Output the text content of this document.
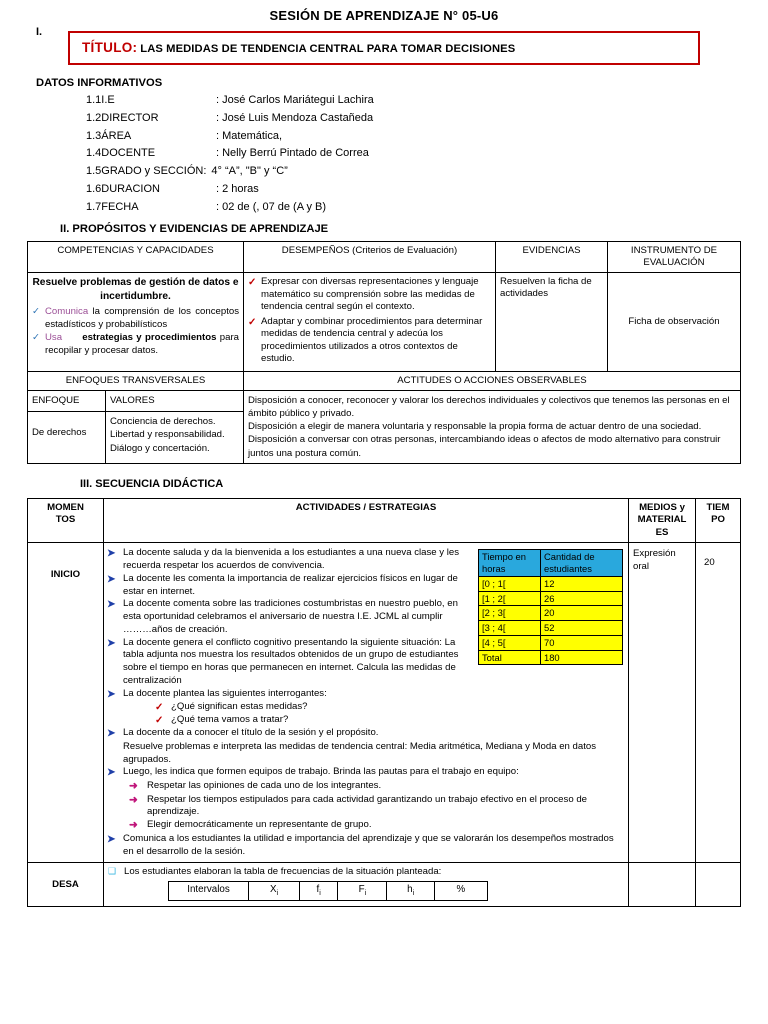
SESIÓN DE APRENDIZAJE N° 05-U6
I.
TÍTULO: LAS MEDIDAS DE TENDENCIA CENTRAL PARA TOMAR DECISIONES
DATOS INFORMATIVOS
1.1I.E	: José Carlos Mariátegui Lachira
1.2DIRECTOR	: José Luis Mendoza Castañeda
1.3ÁREA	: Matemática,
1.4DOCENTE	: Nelly Berrú Pintado de Correa
1.5GRADO y SECCIÓN: 4° “A”, "B" y “C”
1.6DURACION	: 2 horas
1.7FECHA	: 02 de (, 07 de (A y B)
II. PROPÓSITOS Y EVIDENCIAS DE APRENDIZAJE
COMPETENCIAS Y CAPACIDADES	DESEMPEÑOS (Criterios de Evaluación)	EVIDENCIAS	INSTRUMENTO DE EVALUACIÓN

Resuelve problemas de gestión de datos e incertidumbre.
✓ Comunica la comprensión de los conceptos estadísticos y probabilísticos
✓ Usa estrategias y procedimientos para recopilar y procesar datos.

✓ Expresar con diversas representaciones y lenguaje matemático su comprensión sobre las medidas de tendencia central según el contexto.
✓ Adaptar y combinar procedimientos para determinar medidas de tendencia central y adecúa los procedimientos utilizados a otros contextos de estudio.
	Resuelven la ficha de actividades	Ficha de observación
ENFOQUES TRANSVERSALES		ACTITUDES O ACCIONES OBSERVABLES
ENFOQUE	VALORES	Disposición a conocer, reconocer y valorar los derechos individuales y colectivos que tenemos las personas en el ámbito público y privado.
Disposición a elegir de manera voluntaria y responsable la propia forma de actuar dentro de una sociedad.
Disposición a conversar con otras personas, intercambiando ideas o afectos de modo alternativo para construir juntos una postura común.

De derechos	Conciencia de derechos. Libertad y responsabilidad. Diálogo y concertación.	
III. SECUENCIA DIDÁCTICA
MOMEN
TOS	ACTIVIDADES / ESTRATEGIAS	MEDIOS y
MATERIAL
ES	TIEM
PO
INICIO	
Tiempo en horas	Cantidad de estudiantes
[0 ; 1[	12
[1 ; 2[	26
[2 ; 3[	20
[3 ; 4[	52
[4 ; 5[	70
Total	180
➤ La docente saluda y da la bienvenida a los estudiantes a una nueva clase y les recuerda respetar los acuerdos de convivencia.
➤ La docente les comenta la importancia de realizar ejercicios físicos en lugar de estar en internet.
➤ La docente comenta sobre las tradiciones costumbristas en nuestro pueblo, en esta oportunidad celebramos el aniversario de nuestra I.E. JCML al cumplir ………años de creación.
➤ La docente genera el conflicto cognitivo presentando la siguiente situación: La tabla adjunta nos muestra los resultados obtenidos de un grupo de estudiantes sobre el tiempo en horas que permanecen en internet. Calcula las medidas de centralización
➤ La docente plantea las siguientes interrogantes:
✓ ¿Qué significan estas medidas?
✓ ¿Qué tema vamos a tratar?
➤ La docente da a conocer el título de la sesión y el propósito.
Resuelve problemas e interpreta las medidas de tendencia central: Media aritmética, Mediana y Moda en datos agrupados.
➤ Luego, les indica que formen equipos de trabajo. Brinda las pautas para el trabajo en equipo:
➜ Respetar las opiniones de cada uno de los integrantes.
➜ Respetar los tiempos estipulados para cada actividad garantizando un trabajo efectivo en el proceso de aprendizaje.
➜ Elegir democráticamente un representante de grupo.
➤ Comunica a los estudiantes la utilidad e importancia del aprendizaje y que se valorarán los desempeños mostrados en el desarrollo de la sesión.
	Expresión oral	20
DESA	
❑ Los estudiantes elaboran la tabla de frecuencias de la situación planteada:
Intervalos	$X_i$	$f_i$	$F_i$	$h_i$	%
